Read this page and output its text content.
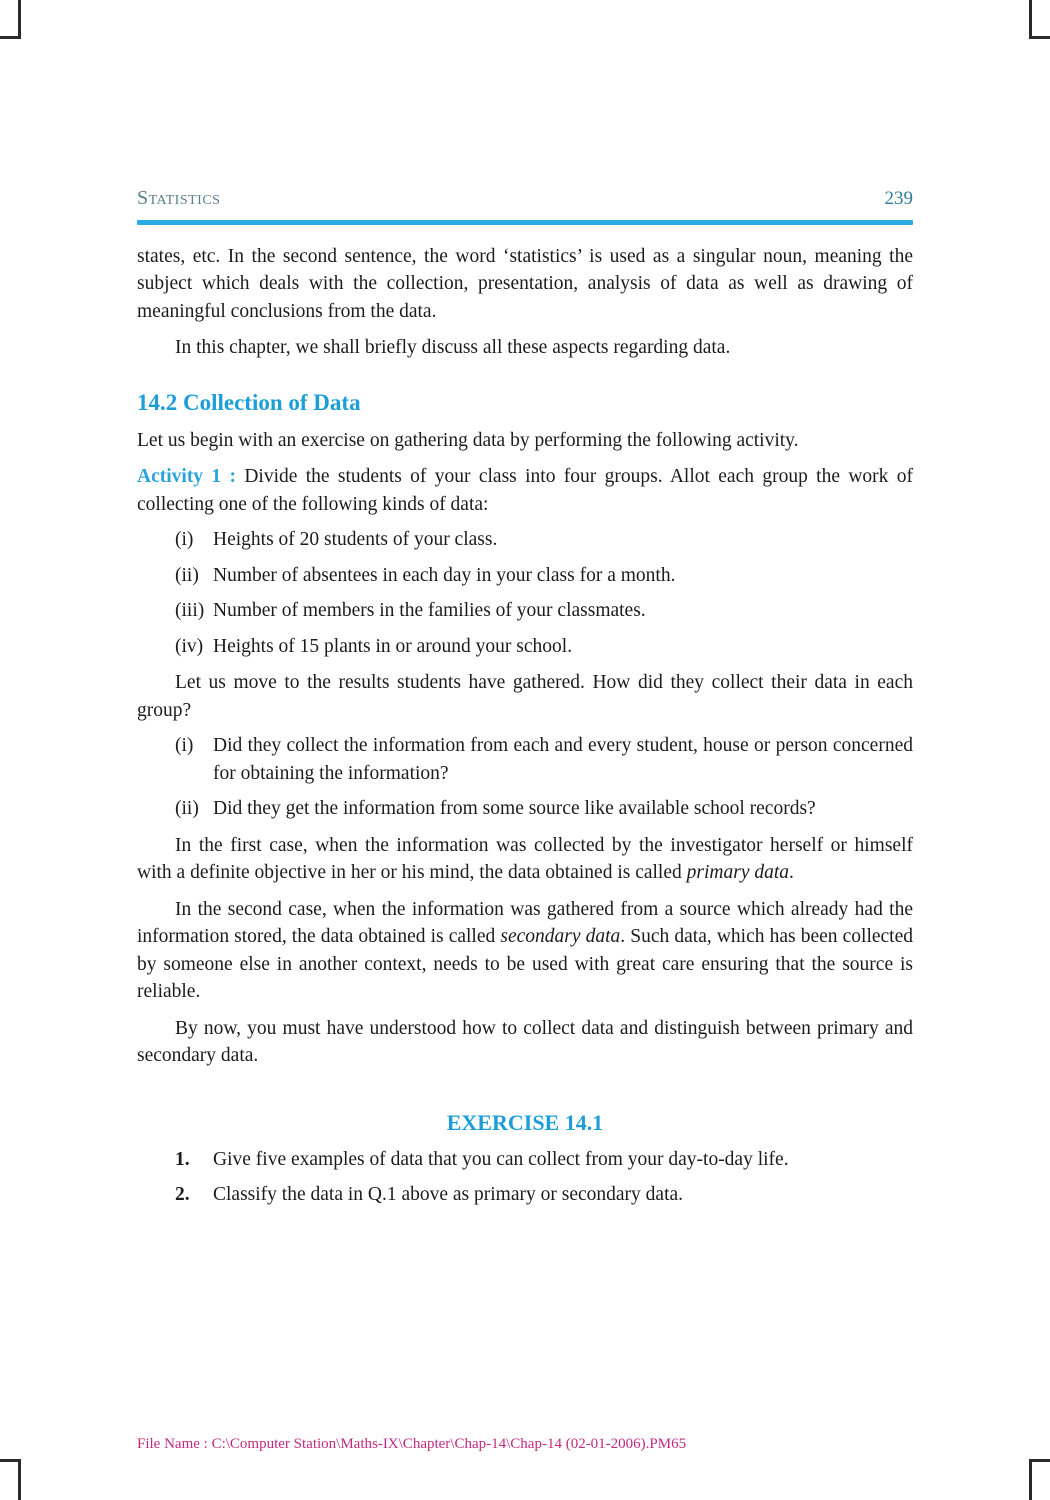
Statistics	239

states, etc. In the second sentence, the word ‘statistics’ is used as a singular noun, meaning the subject which deals with the collection, presentation, analysis of data as well as drawing of meaningful conclusions from the data.

In this chapter, we shall briefly discuss all these aspects regarding data.

14.2 Collection of Data

Let us begin with an exercise on gathering data by performing the following activity.

Activity 1 : Divide the students of your class into four groups. Allot each group the work of collecting one of the following kinds of data:

(i)	Heights of 20 students of your class.
(ii) Number of absentees in each day in your class for a month.
(iii) Number of members in the families of your classmates.
(iv) Heights of 15 plants in or around your school.

Let us move to the results students have gathered. How did they collect their data in each group?

(i)	Did they collect the information from each and every student, house or person concerned for obtaining the information?
(ii) Did they get the information from some source like available school records?

In the first case, when the information was collected by the investigator herself or himself with a definite objective in her or his mind, the data obtained is called primary data.

In the second case, when the information was gathered from a source which already had the information stored, the data obtained is called secondary data. Such data, which has been collected by someone else in another context, needs to be used with great care ensuring that the source is reliable.

By now, you must have understood how to collect data and distinguish between primary and secondary data.

EXERCISE 14.1
1.	Give five examples of data that you can collect from your day-to-day life.
2.	Classify the data in Q.1 above as primary or secondary data.
File Name : C:\Computer Station\Maths-IX\Chapter\Chap-14\Chap-14 (02-01-2006).PM65
